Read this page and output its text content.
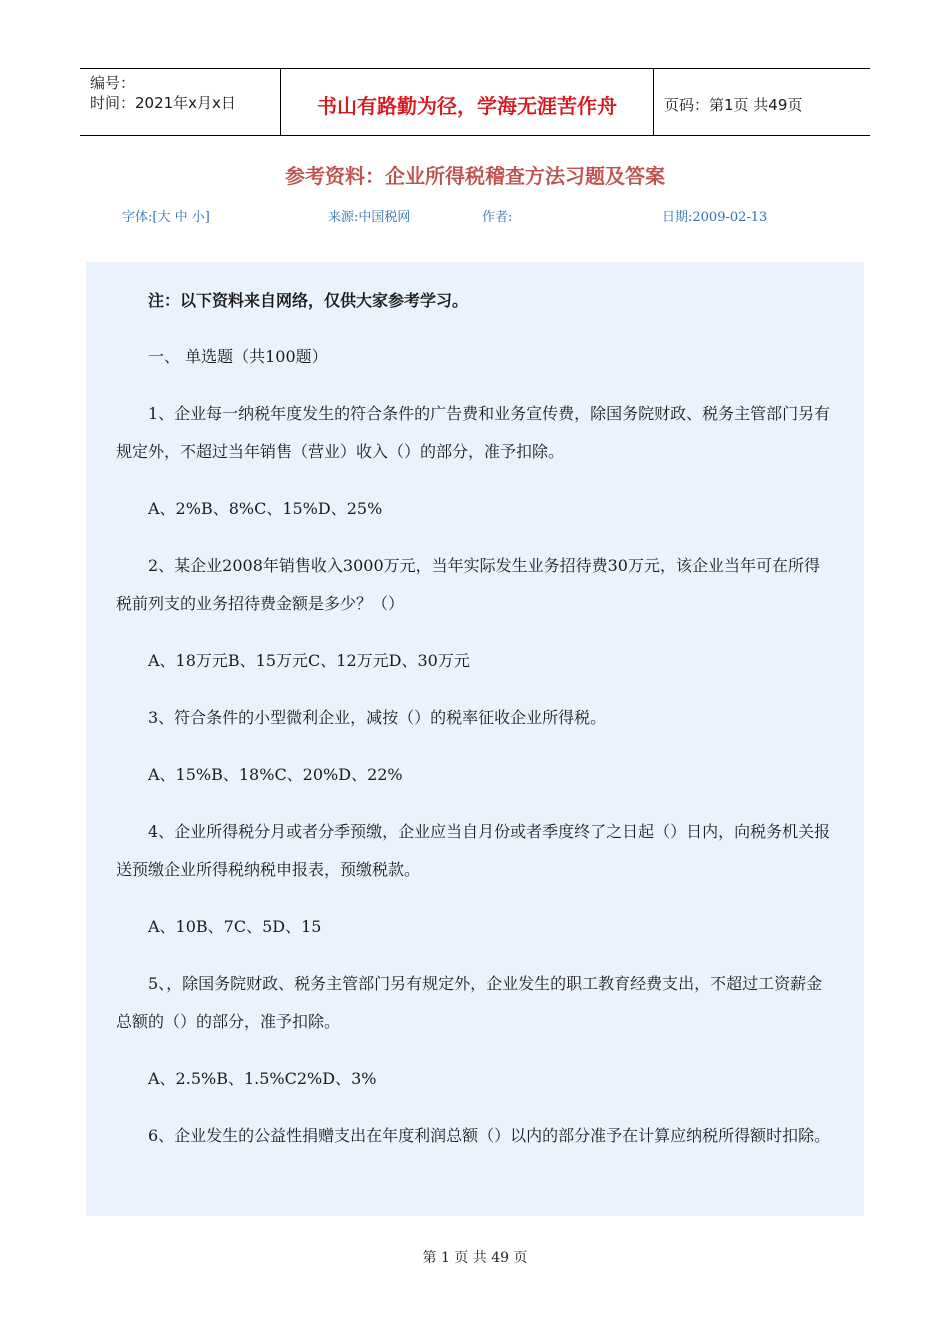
编号：
时间：2021年x月x日	书山有路勤为径，学海无涯苦作舟	页码：第1页 共49页
参考资料：企业所得税稽查方法习题及答案
字体:[大 中 小]	来源:中国税网	作者:	日期:2009-02-13

注：以下资料来自网络，仅供大家参考学习。

一、 单选题（共100题）

1、企业每一纳税年度发生的符合条件的广告费和业务宣传费，除国务院财政、税务主管部门另有规定外，不超过当年销售（营业）收入（）的部分，准予扣除。

A、2%B、8%C、15%D、25%

2、某企业2008年销售收入3000万元，当年实际发生业务招待费30万元，该企业当年可在所得税前列支的业务招待费金额是多少？（）

A、18万元B、15万元C、12万元D、30万元

3、符合条件的小型微利企业，减按（）的税率征收企业所得税。

A、15%B、18%C、20%D、22%

4、企业所得税分月或者分季预缴，企业应当自月份或者季度终了之日起（）日内，向税务机关报送预缴企业所得税纳税申报表，预缴税款。

A、10B、7C、5D、15

5、，除国务院财政、税务主管部门另有规定外，企业发生的职工教育经费支出，不超过工资薪金总额的（）的部分，准予扣除。

A、2.5%B、1.5%C2%D、3%

6、企业发生的公益性捐赠支出在年度利润总额（）以内的部分准予在计算应纳税所得额时扣除。

第 1 页 共 49 页
